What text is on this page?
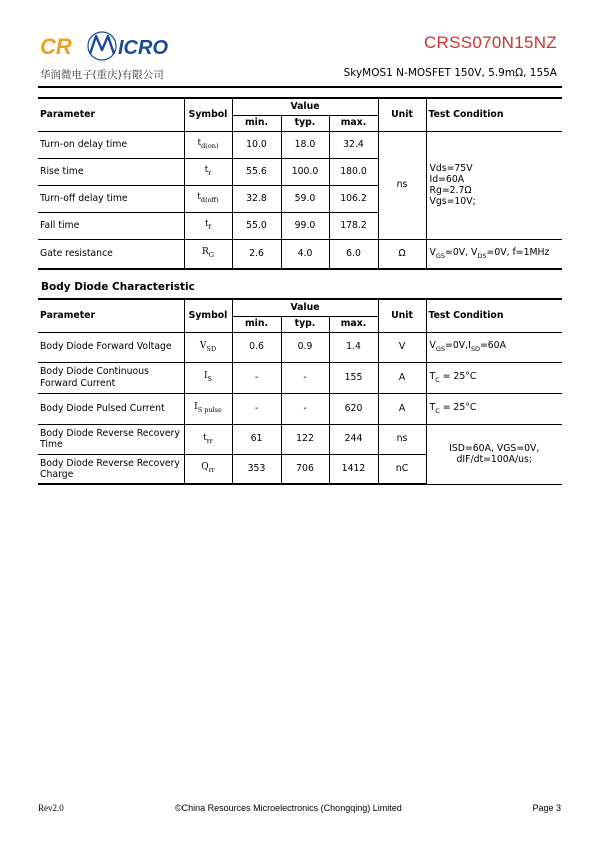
CR ICRO
华润微电子(重庆)有限公司
CRSS070N15NZ
SkyMOS1 N-MOSFET 150V, 5.9mΩ, 155A
Parameter	Symbol	Value			Unit	Test Condition
		min.	typ.	max.		
Turn-on delay time	$t_{d(on)}$	10.0	18.0	32.4	ns	Vds=75V
Id=60A
Rg=2.7Ω
Vgs=10V;

Rise time	$t_r$	55.6	100.0	180.0		
Turn-off delay time	$t_{d(off)}$	32.8	59.0	106.2		
Fall time	$t_f$	55.0	99.0	178.2		
Gate resistance	$R_G$	2.6	4.0	6.0	Ω	$V_{GS}=0V$, $V_{DS}=0V$, f=1MHz
Body Diode Characteristic
Parameter	Symbol	Value			Unit	Test Condition
		min.	typ.	max.		
Body Diode Forward Voltage	$V_{SD}$	0.6	0.9	1.4	V	$V_{GS}=0V,I_{SD}=60A$
Body Diode Continuous Forward Current	$I_S$	-	-	155	A	$T_C = 25^\circ C$
Body Diode Pulsed Current	$I_{S pulse}$	-	-	620	A	$T_C = 25^\circ C$
Body Diode Reverse Recovery Time	$t_{rr}$	61	122	244	ns	ISD=60A, VGS=0V,
dIF/dt=100A/us;

Body Diode Reverse Recovery Charge	$Q_{rr}$	353	706	1412	nC	
Rev2.0	©China Resources Microelectronics (Chongqing) Limited	Page 3
